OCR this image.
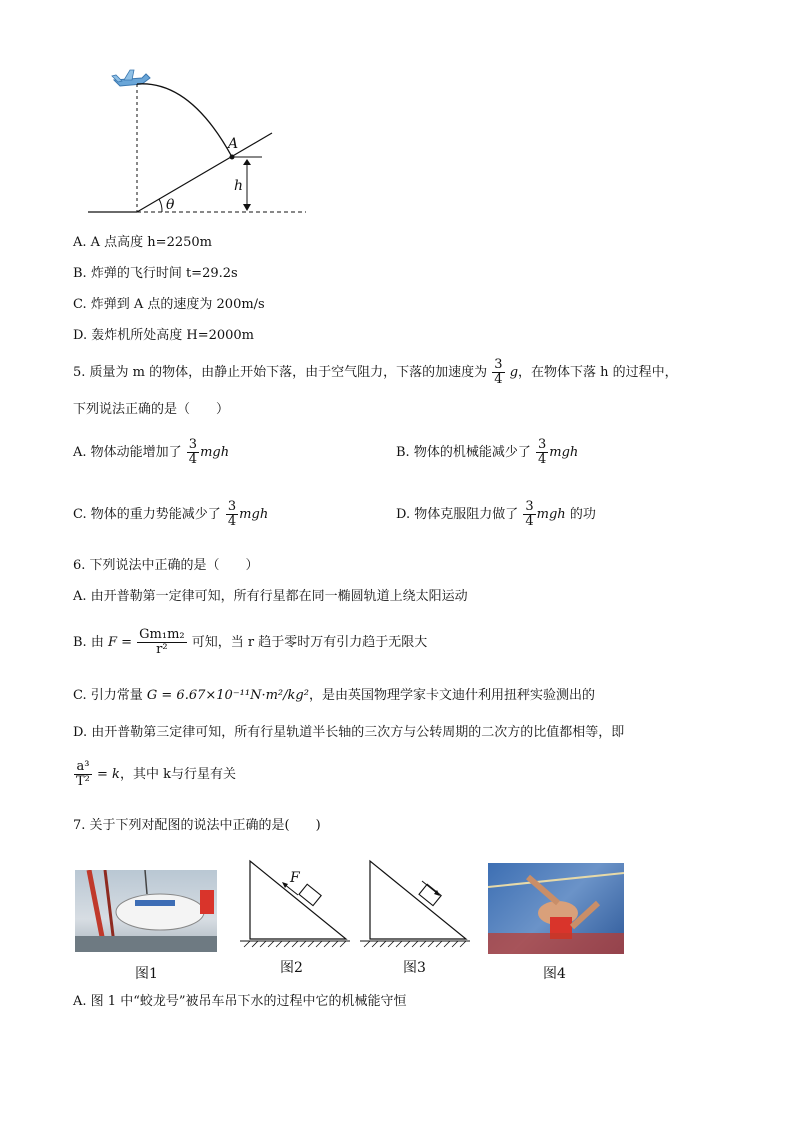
A
h
θ
A. A 点高度 h=2250m
B. 炸弹的飞行时间 t=29.2s
C. 炸弹到 A 点的速度为 200m/s
D. 轰炸机所处高度 H=2000m
5. 质量为 m 的物体，由静止开始下落，由于空气阻力，下落的加速度为 $\frac{3}{4}$ g，在物体下落 h 的过程中，
下列说法正确的是（　　）
A. 物体动能增加了 $\frac{3}{4}$ mgh	B. 物体的机械能减少了 $\frac{3}{4}$ mgh
C. 物体的重力势能减少了 $\frac{3}{4}$ mgh	D. 物体克服阻力做了 $\frac{3}{4}$ mgh 的功
6. 下列说法中正确的是（　　）
A. 由开普勒第一定律可知，所有行星都在同一椭圆轨道上绕太阳运动
B. 由 $F = \frac{\text{Gm₁m₂}}{\text{r²}}$ 可知，当 r 趋于零时万有引力趋于无限大
C. 引力常量 G = 6.67×10⁻¹¹N·m²/kg²，是由英国物理学家卡文迪什利用扭秤实验测出的
D. 由开普勒第三定律可知，所有行星轨道半长轴的三次方与公转周期的二次方的比值都相等，即
$\frac{\text{a³}}{\text{T²}} = k$，其中 k与行星有关
7. 关于下列对配图的说法中正确的是(　　)
F
图1	图2	图3	图4
A. 图 1 中“蛟龙号”被吊车吊下水的过程中它的机械能守恒
